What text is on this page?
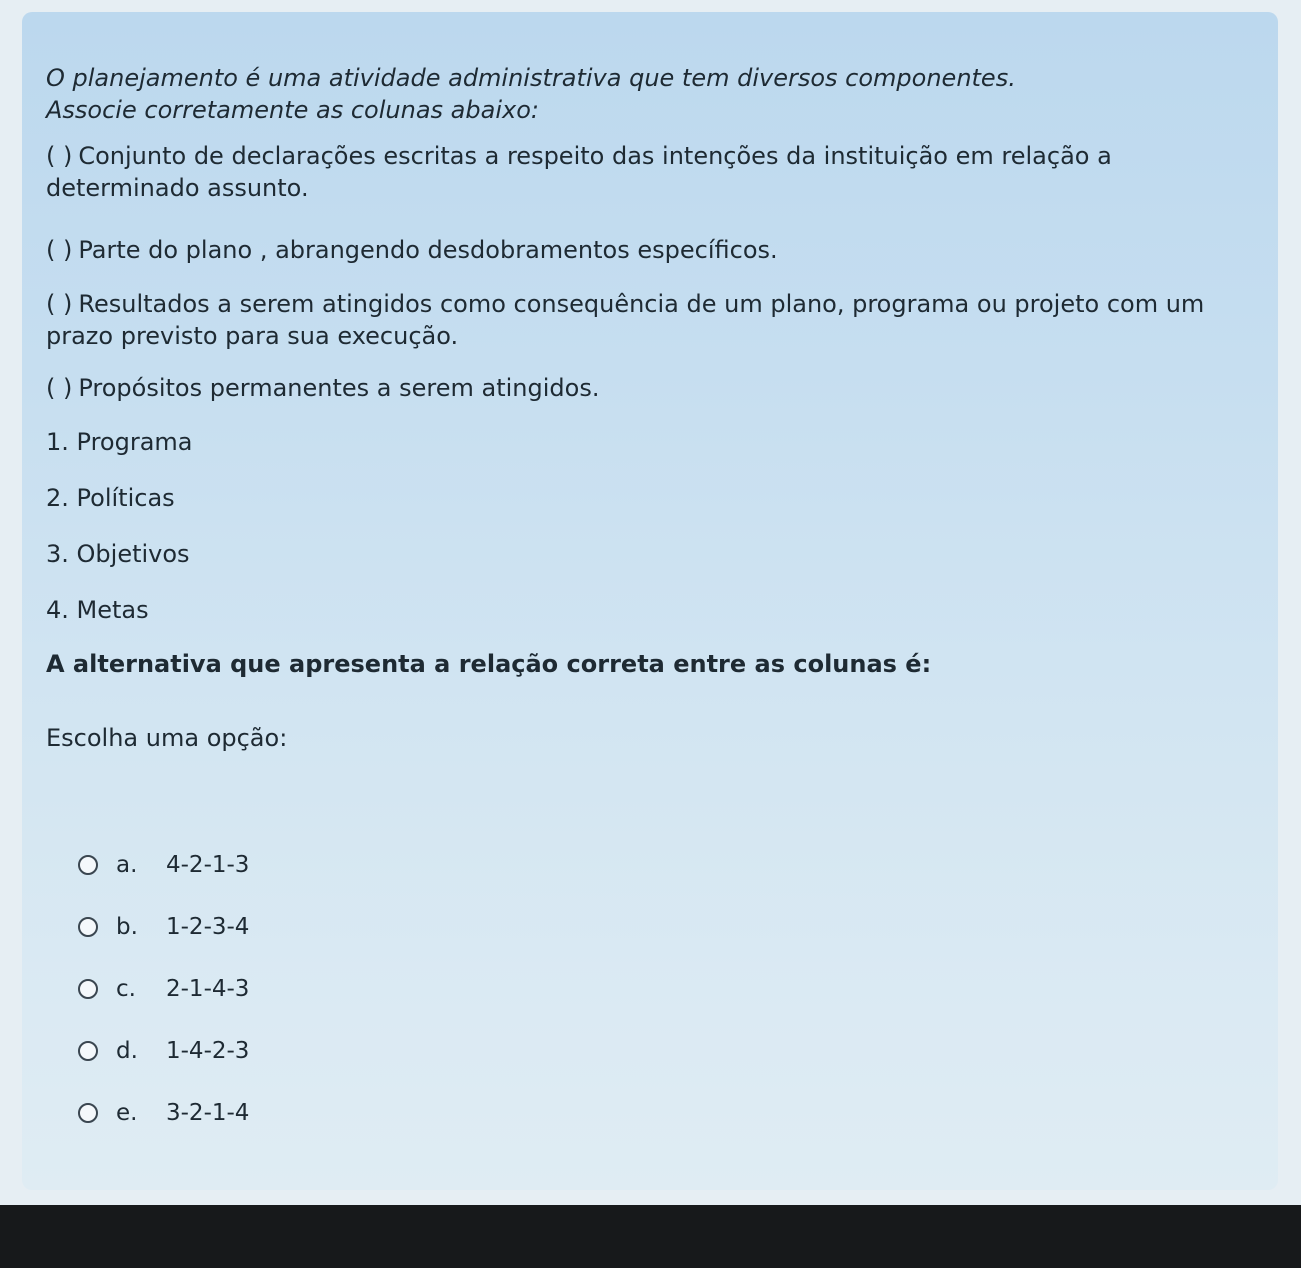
O planejamento é uma atividade administrativa que tem diversos componentes.

Associe corretamente as colunas abaixo:

( ) Conjunto de declarações escritas a respeito das intenções da instituição em relação a determinado assunto.

( ) Parte do plano , abrangendo desdobramentos específicos.

( ) Resultados a serem atingidos como consequência de um plano, programa ou projeto com um prazo previsto para sua execução.

( ) Propósitos permanentes a serem atingidos.

1. Programa

2. Políticas

3. Objetivos

4. Metas

A alternativa que apresenta a relação correta entre as colunas é:

Escolha uma opção:

a.	4-2-1-3
b.	1-2-3-4
c.	2-1-4-3
d.	1-4-2-3
e.	3-2-1-4
